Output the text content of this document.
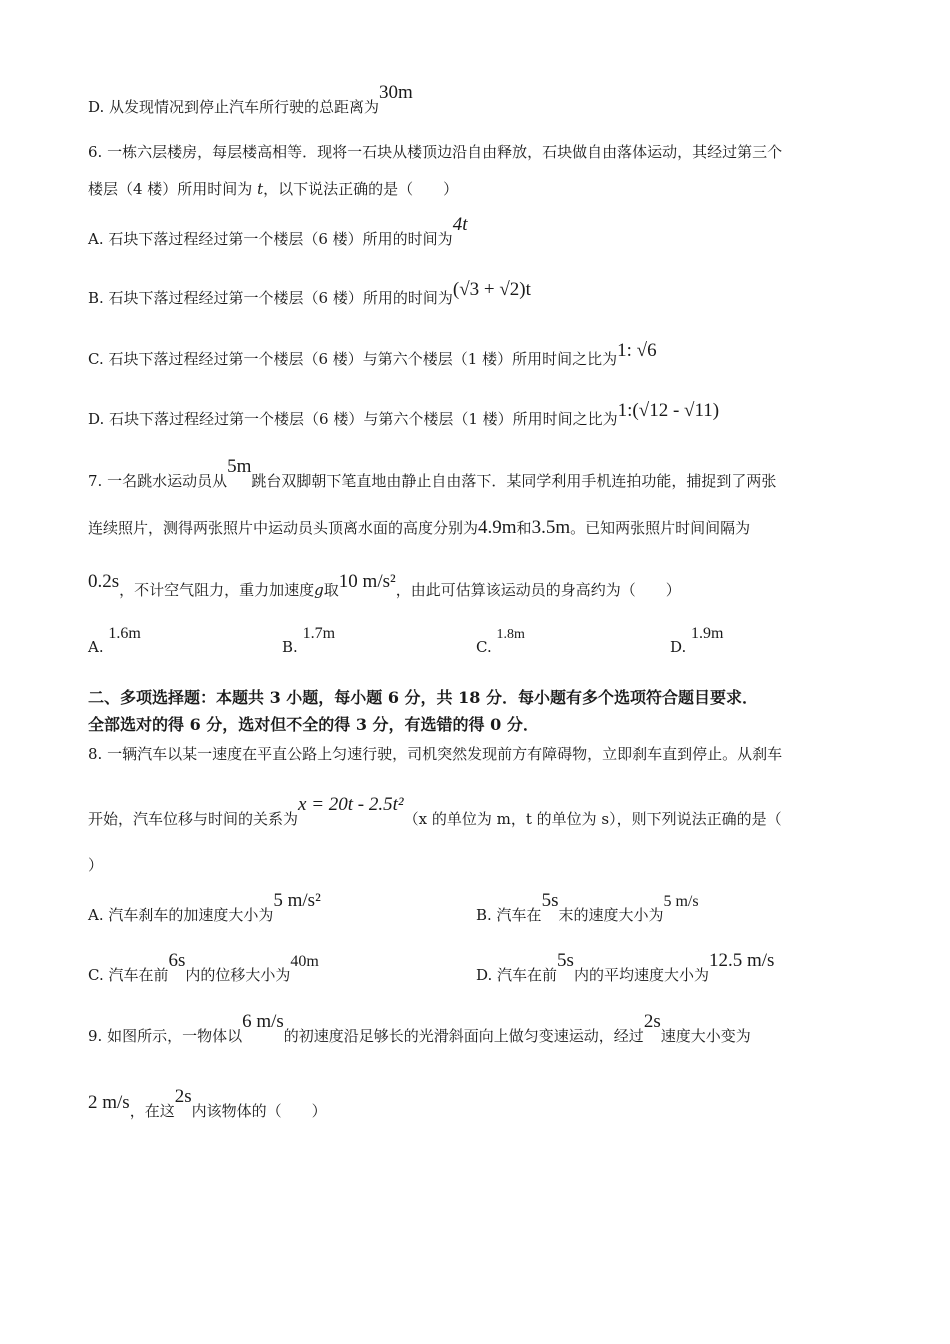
D. 从发现情况到停止汽车所行驶的总距离为30m
6. 一栋六层楼房，每层楼高相等．现将一石块从楼顶边沿自由释放，石块做自由落体运动，其经过第三个
楼层（4 楼）所用时间为 t，以下说法正确的是（　　）
A. 石块下落过程经过第一个楼层（6 楼）所用的时间为4t
B. 石块下落过程经过第一个楼层（6 楼）所用的时间为(√3 + √2)t
C. 石块下落过程经过第一个楼层（6 楼）与第六个楼层（1 楼）所用时间之比为1: √6
D. 石块下落过程经过第一个楼层（6 楼）与第六个楼层（1 楼）所用时间之比为1:(√12 - √11)
7. 一名跳水运动员从5m跳台双脚朝下笔直地由静止自由落下．某同学利用手机连拍功能，捕捉到了两张
连续照片，测得两张照片中运动员头顶离水面的高度分别为4.9m和3.5m。已知两张照片时间间隔为
0.2s，不计空气阻力，重力加速度g取10 m/s²，由此可估算该运动员的身高约为（　　）
A. 1.6m
B. 1.7m
C. 1.8m
D. 1.9m
二、多项选择题：本题共 3 小题，每小题 6 分，共 18 分．每小题有多个选项符合题目要求．
全部选对的得 6 分，选对但不全的得 3 分，有选错的得 0 分．
8. 一辆汽车以某一速度在平直公路上匀速行驶，司机突然发现前方有障碍物，立即刹车直到停止。从刹车
开始，汽车位移与时间的关系为x = 20t - 2.5t²（x 的单位为 m，t 的单位为 s），则下列说法正确的是（
）
A. 汽车刹车的加速度大小为5 m/s²
B. 汽车在5s末的速度大小为5 m/s
C. 汽车在前6s内的位移大小为40m
D. 汽车在前5s内的平均速度大小为12.5 m/s
9. 如图所示，一物体以6 m/s的初速度沿足够长的光滑斜面向上做匀变速运动，经过2s速度大小变为
2 m/s，在这2s内该物体的（　　）
